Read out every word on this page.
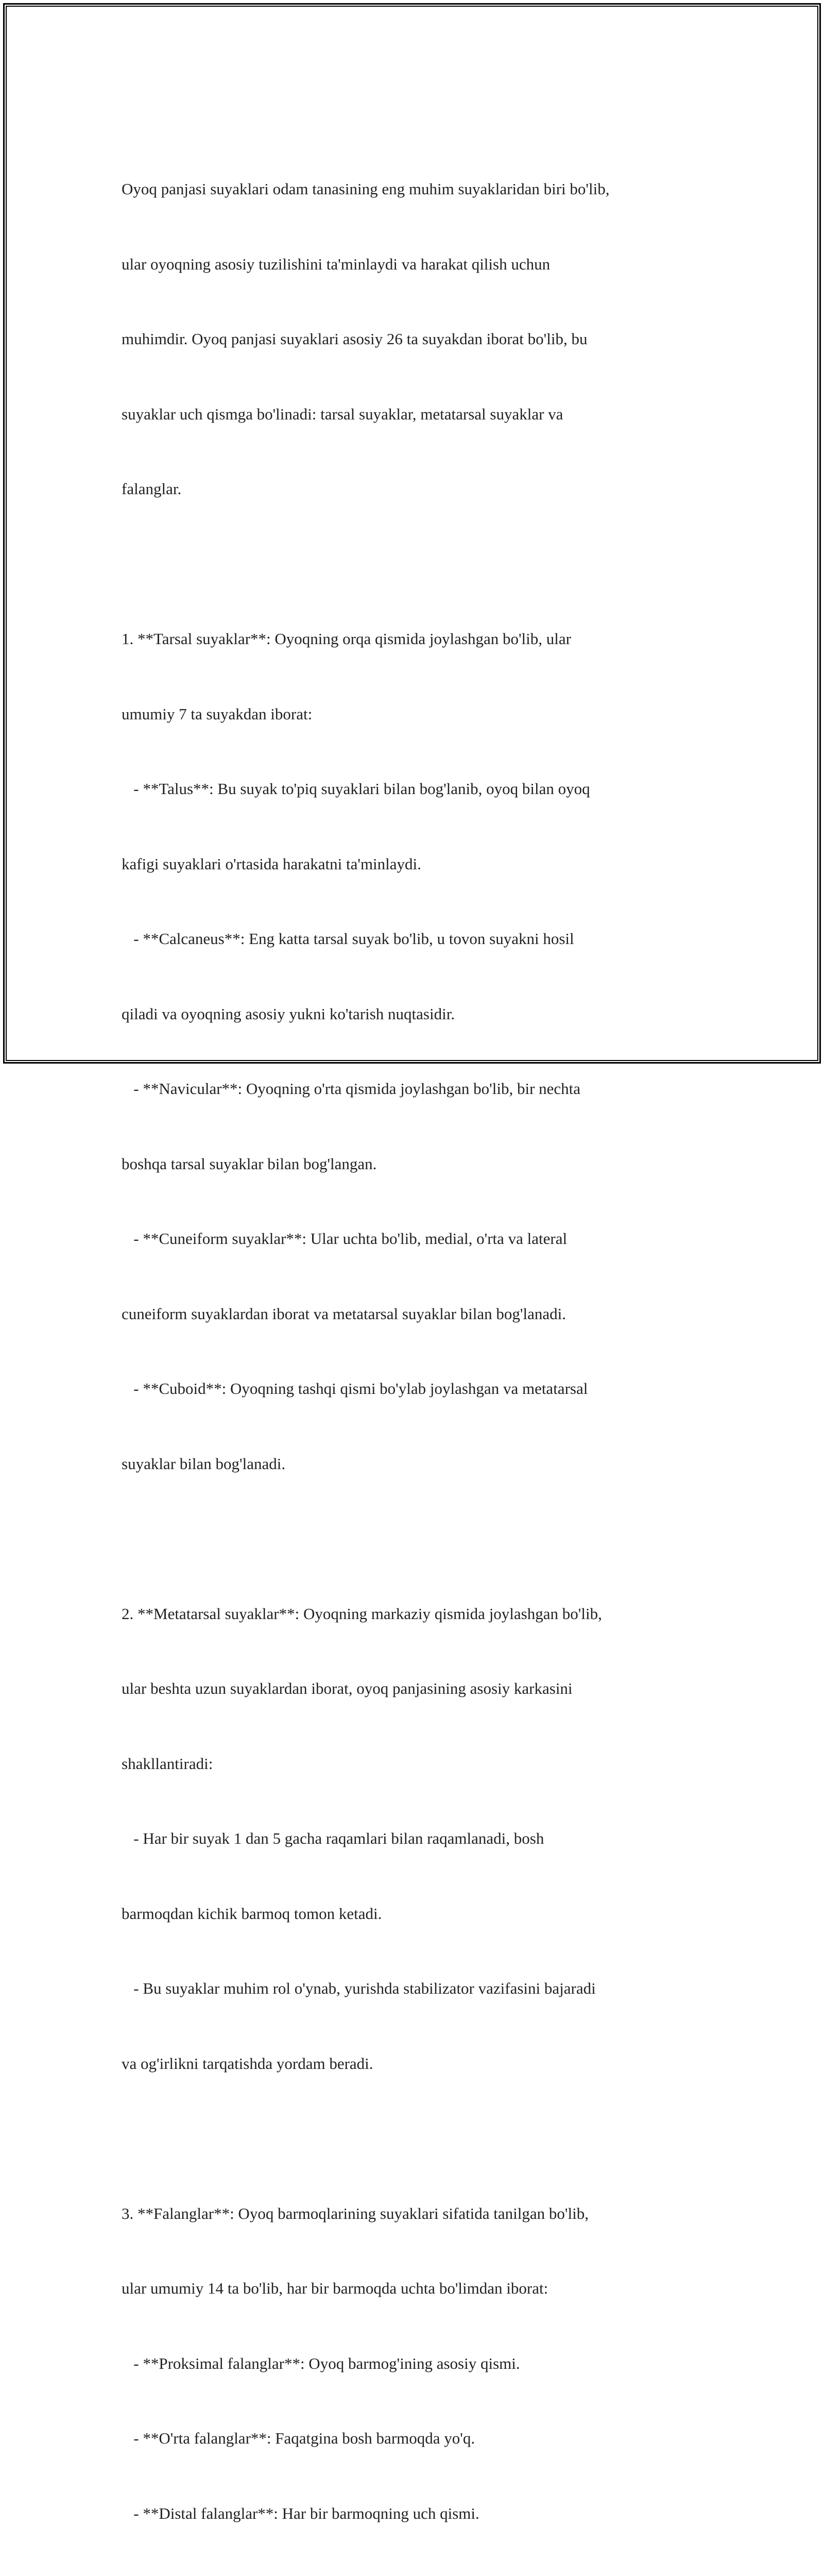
Oyoq panjasi suyaklari odam tanasining eng muhim suyaklaridan biri bo'lib,

ular oyoqning asosiy tuzilishini ta'minlaydi va harakat qilish uchun

muhimdir. Oyoq panjasi suyaklari asosiy 26 ta suyakdan iborat bo'lib, bu

suyaklar uch qismga bo'linadi: tarsal suyaklar, metatarsal suyaklar va

falanglar.

1. **Tarsal suyaklar**: Oyoqning orqa qismida joylashgan bo'lib, ular

umumiy 7 ta suyakdan iborat:

- **Talus**: Bu suyak to'piq suyaklari bilan bog'lanib, oyoq bilan oyoq

kafigi suyaklari o'rtasida harakatni ta'minlaydi.

- **Calcaneus**: Eng katta tarsal suyak bo'lib, u tovon suyakni hosil

qiladi va oyoqning asosiy yukni ko'tarish nuqtasidir.

- **Navicular**: Oyoqning o'rta qismida joylashgan bo'lib, bir nechta

boshqa tarsal suyaklar bilan bog'langan.

- **Cuneiform suyaklar**: Ular uchta bo'lib, medial, o'rta va lateral

cuneiform suyaklardan iborat va metatarsal suyaklar bilan bog'lanadi.

- **Cuboid**: Oyoqning tashqi qismi bo'ylab joylashgan va metatarsal

suyaklar bilan bog'lanadi.

2. **Metatarsal suyaklar**: Oyoqning markaziy qismida joylashgan bo'lib,

ular beshta uzun suyaklardan iborat, oyoq panjasining asosiy karkasini

shakllantiradi:

- Har bir suyak 1 dan 5 gacha raqamlari bilan raqamlanadi, bosh

barmoqdan kichik barmoq tomon ketadi.

- Bu suyaklar muhim rol o'ynab, yurishda stabilizator vazifasini bajaradi

va og'irlikni tarqatishda yordam beradi.

3. **Falanglar**: Oyoq barmoqlarining suyaklari sifatida tanilgan bo'lib,

ular umumiy 14 ta bo'lib, har bir barmoqda uchta bo'limdan iborat:

- **Proksimal falanglar**: Oyoq barmog'ining asosiy qismi.

- **O'rta falanglar**: Faqatgina bosh barmoqda yo'q.

- **Distal falanglar**: Har bir barmoqning uch qismi.
